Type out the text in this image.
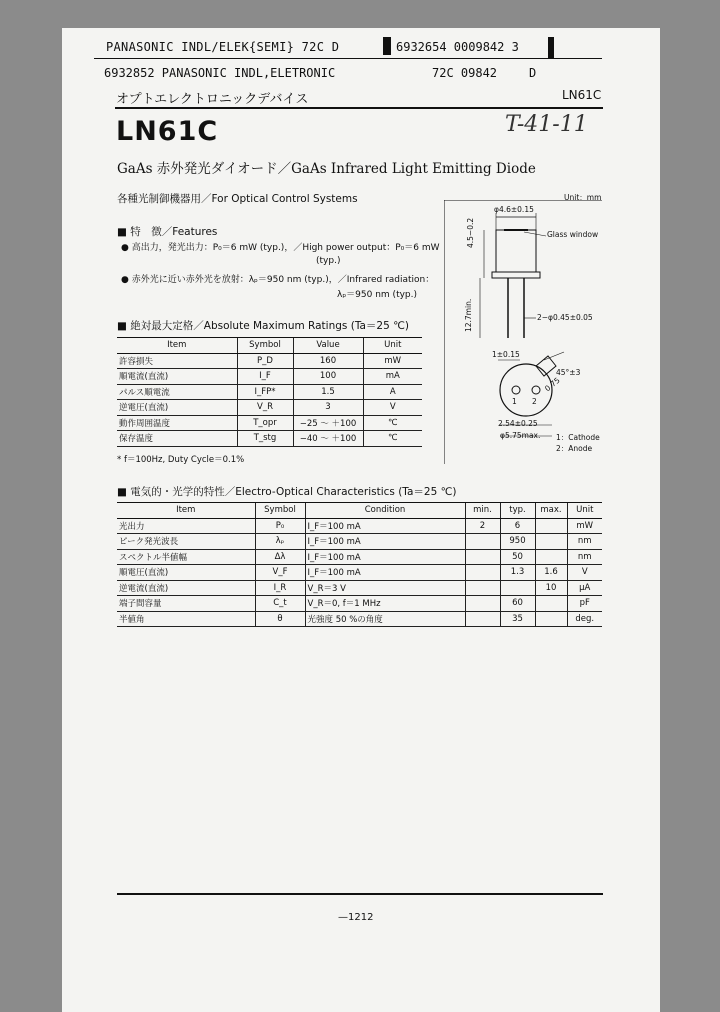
PANASONIC INDL/ELEK{SEMI} 72C D	6932654 0009842 3
6932852 PANASONIC INDL,ELETRONIC	72C 09842	D
オプトエレクトロニックデバイス	LN61C
LN61C	T-41-11
GaAs 赤外発光ダイオード／GaAs Infrared Light Emitting Diode
各種光制御機器用／For Optical Control Systems
■ 特　徴／Features
● 高出力，発光出力：P₀＝6 mW (typ.)，／High power output：P₀＝6 mW
(typ.)
● 赤外光に近い赤外光を放射：λₚ＝950 nm (typ.)，／Infrared radiation：
λₚ＝950 nm (typ.)
■ 絶対最大定格／Absolute Maximum Ratings (Ta＝25 ℃)
Item	Symbol	Value	Unit
許容損失	P_D	160	mW
順電流(直流)	I_F	100	mA
パルス順電流	I_FP*	1.5	A
逆電圧(直流)	V_R	3	V
動作周囲温度	T_opr	−25 ～ ＋100	℃
保存温度	T_stg	−40 ～ ＋100	℃
* f＝100Hz, Duty Cycle＝0.1%
■ 電気的・光学的特性／Electro-Optical Characteristics (Ta＝25 ℃)
Item	Symbol	Condition	min.	typ.	max.	Unit
光出力	P₀	I_F＝100 mA	2	6		mW
ピーク発光波長	λₚ	I_F＝100 mA		950		nm
スペクトル半値幅	Δλ	I_F＝100 mA		50		nm
順電圧(直流)	V_F	I_F＝100 mA		1.3	1.6	V
逆電流(直流)	I_R	V_R＝3 V			10	μA
端子間容量	C_t	V_R＝0, f＝1 MHz		60		pF
半値角	θ	光強度 50 %の角度		35		deg.
Unit：mm
φ4.6±0.15
Glass window
4.5−0.2
12.7min.	2−φ0.45±0.05
1±0.15
45°±3
0.75
1 2
2.54±0.25
φ5.75max. 1：Cathode
2：Anode
—1212
